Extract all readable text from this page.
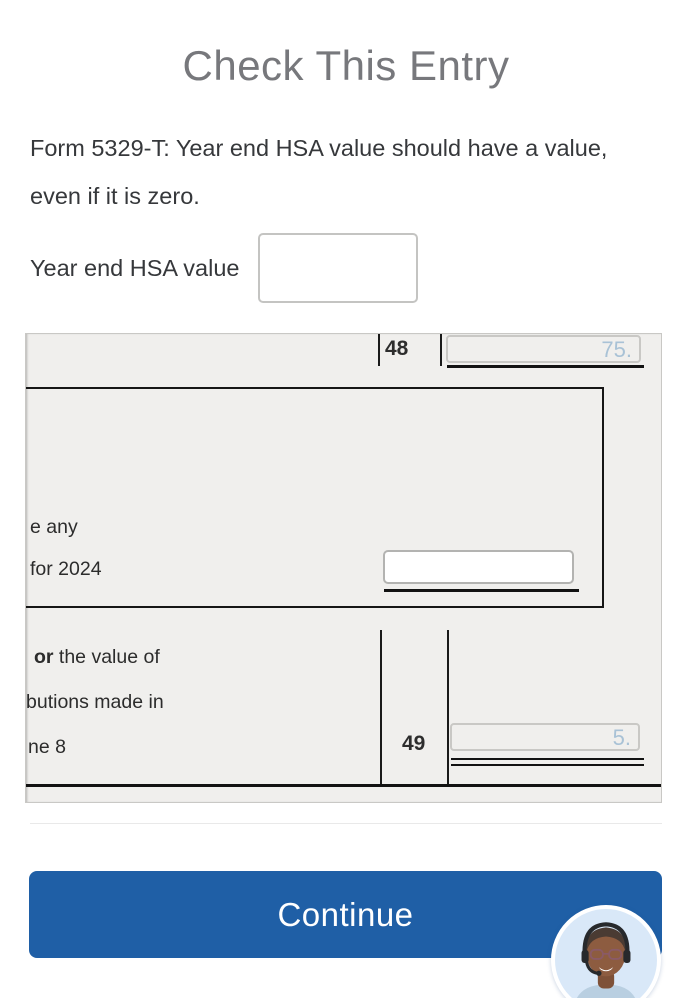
Check This Entry
Form 5329-T: Year end HSA value should have a value, even if it is zero.
Year end HSA value
48	75.
e any
for 2024
or the value of
butions made in
ne 8	49	5.
Continue
